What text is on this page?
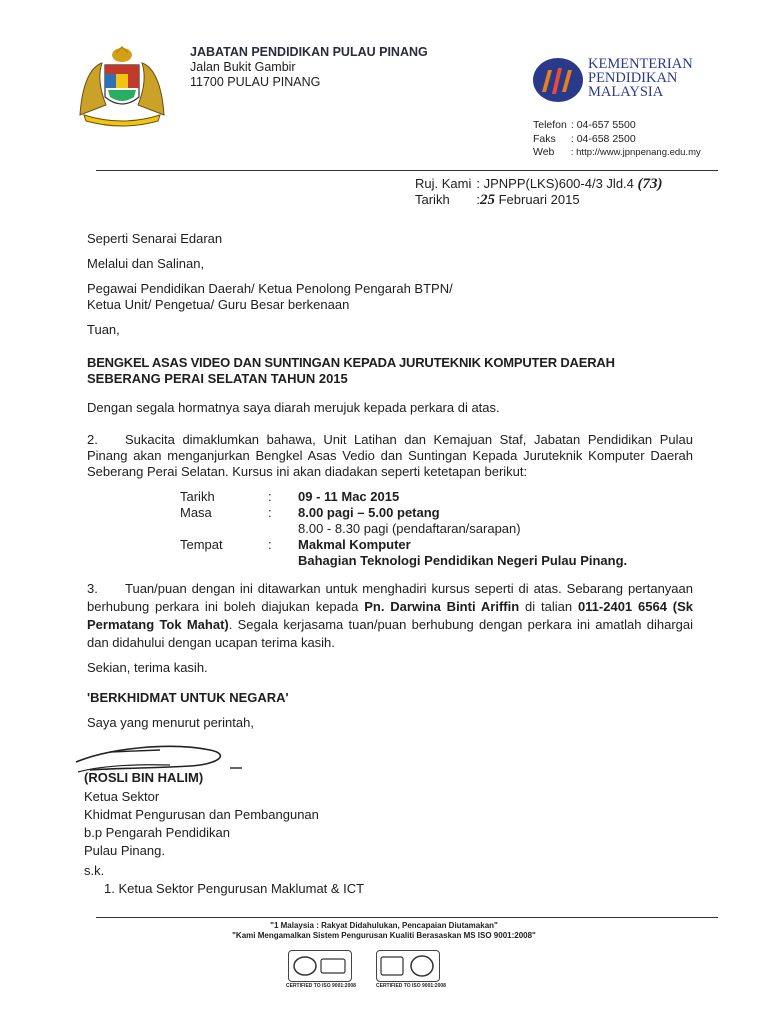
JABATAN PENDIDIKAN PULAU PINANG
Jalan Bukit Gambir
11700 PULAU PINANG
KEMENTERIAN
PENDIDIKAN
MALAYSIA
Telefon	: 04-657 5500
Faks	: 04-658 2500
Web	: http://www.jpnpenang.edu.my
Ruj. Kami	: JPNPP(LKS)600-4/3 Jld.4 (73)
Tarikh	:25 Februari 2015
Seperti Senarai Edaran
Melalui dan Salinan,
Pegawai Pendidikan Daerah/ Ketua Penolong Pengarah BTPN/
Ketua Unit/ Pengetua/ Guru Besar berkenaan
Tuan,
BENGKEL ASAS VIDEO DAN SUNTINGAN KEPADA JURUTEKNIK KOMPUTER DAERAH
SEBERANG PERAI SELATAN TAHUN 2015
Dengan segala hormatnya saya diarah merujuk kepada perkara di atas.
2. Sukacita dimaklumkan bahawa, Unit Latihan dan Kemajuan Staf, Jabatan Pendidikan Pulau Pinang akan menganjurkan Bengkel Asas Vedio dan Suntingan Kepada Juruteknik Komputer Daerah Seberang Perai Selatan. Kursus ini akan diadakan seperti ketetapan berikut:
Tarikh	:	09 - 11 Mac 2015
Masa	:	8.00 pagi – 5.00 petang
		8.00 - 8.30 pagi (pendaftaran/sarapan)
Tempat	:	Makmal Komputer
		Bahagian Teknologi Pendidikan Negeri Pulau Pinang.
3. Tuan/puan dengan ini ditawarkan untuk menghadiri kursus seperti di atas. Sebarang pertanyaan berhubung perkara ini boleh diajukan kepada Pn. Darwina Binti Ariffin di talian 011-2401 6564 (Sk Permatang Tok Mahat). Segala kerjasama tuan/puan berhubung dengan perkara ini amatlah dihargai dan didahului dengan ucapan terima kasih.
Sekian, terima kasih.
'BERKHIDMAT UNTUK NEGARA'
Saya yang menurut perintah,
(ROSLI BIN HALIM)
Ketua Sektor
Khidmat Pengurusan dan Pembangunan
b.p Pengarah Pendidikan
Pulau Pinang.
s.k.
1. Ketua Sektor Pengurusan Maklumat & ICT
"1 Malaysia : Rakyat Didahulukan, Pencapaian Diutamakan"
"Kami Mengamalkan Sistem Pengurusan Kualiti Berasaskan MS ISO 9001:2008"
CERTIFIED TO ISO 9001:2008	CERTIFIED TO ISO 9001:2008
